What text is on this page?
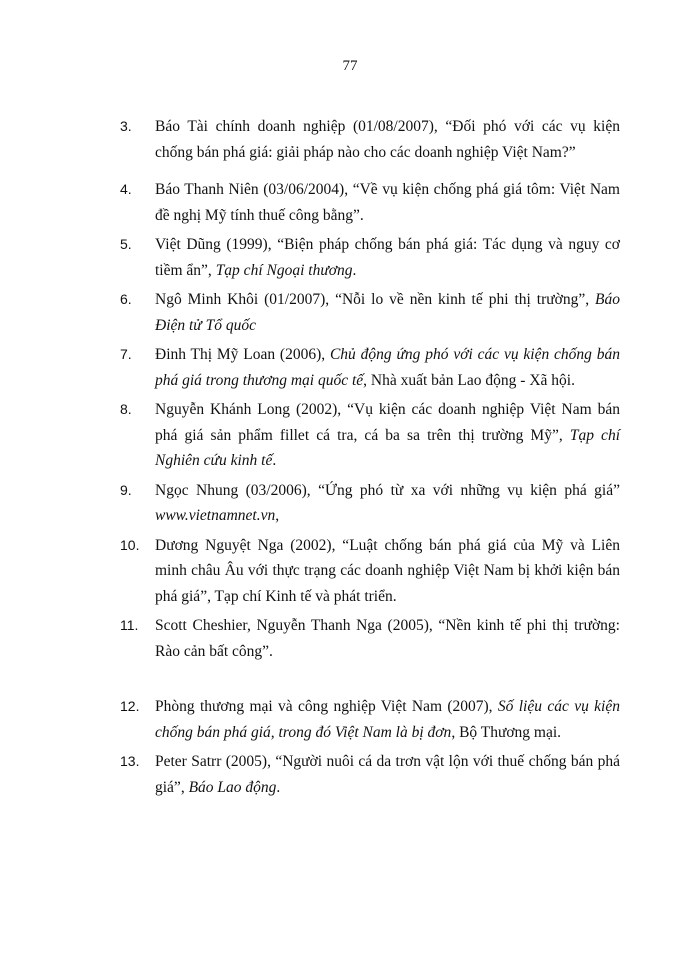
77
3. Báo Tài chính doanh nghiệp (01/08/2007), “Đối phó với các vụ kiện chống bán phá giá: giải pháp nào cho các doanh nghiệp Việt Nam?”
4. Báo Thanh Niên (03/06/2004), “Về vụ kiện chống phá giá tôm: Việt Nam đề nghị Mỹ tính thuế công bằng”.
5. Việt Dũng (1999), “Biện pháp chống bán phá giá: Tác dụng và nguy cơ tiềm ẩn”, Tạp chí Ngoại thương.
6. Ngô Minh Khôi (01/2007), “Nỗi lo về nền kinh tế phi thị trường”, Báo Điện tử Tổ quốc
7. Đinh Thị Mỹ Loan (2006), Chủ động ứng phó với các vụ kiện chống bán phá giá trong thương mại quốc tế, Nhà xuất bản Lao động - Xã hội.
8. Nguyễn Khánh Long (2002), “Vụ kiện các doanh nghiệp Việt Nam bán phá giá sản phẩm fillet cá tra, cá ba sa trên thị trường Mỹ”, Tạp chí Nghiên cứu kinh tế.
9. Ngọc Nhung (03/2006), “Ứng phó từ xa với những vụ kiện phá giá” www.vietnamnet.vn,
10. Dương Nguyệt Nga (2002), “Luật chống bán phá giá của Mỹ và Liên minh châu Âu với thực trạng các doanh nghiệp Việt Nam bị khởi kiện bán phá giá”, Tạp chí Kinh tế và phát triển.
11. Scott Cheshier, Nguyễn Thanh Nga (2005), “Nền kinh tế phi thị trường: Rào cản bất công”.
12. Phòng thương mại và công nghiệp Việt Nam (2007), Số liệu các vụ kiện chống bán phá giá, trong đó Việt Nam là bị đơn, Bộ Thương mại.
13. Peter Satrr (2005), “Người nuôi cá da trơn vật lộn với thuế chống bán phá giá”, Báo Lao động.
